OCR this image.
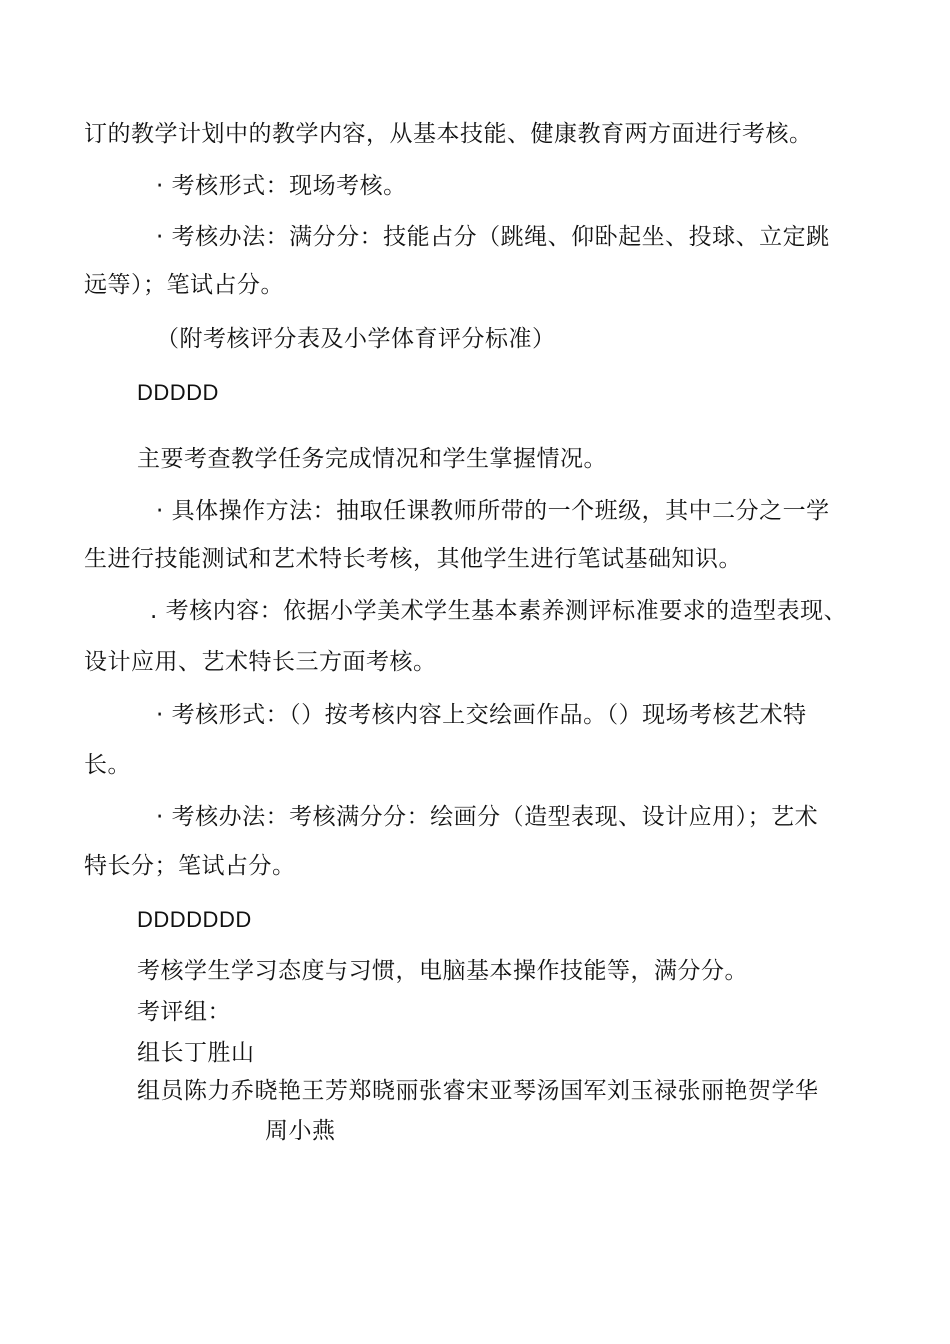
订的教学计划中的教学内容，从基本技能、健康教育两方面进行考核。
· 考核形式：现场考核。
· 考核办法：满分分：技能占分（跳绳、仰卧起坐、投球、立定跳
远等）；笔试占分。
（附考核评分表及小学体育评分标准）
DDDDD
主要考查教学任务完成情况和学生掌握情况。
· 具体操作方法：抽取任课教师所带的一个班级，其中二分之一学
生进行技能测试和艺术特长考核，其他学生进行笔试基础知识。
. 考核内容：依据小学美术学生基本素养测评标准要求的造型表现、
设计应用、艺术特长三方面考核。
· 考核形式：（）按考核内容上交绘画作品。（）现场考核艺术特
长。
· 考核办法：考核满分分：绘画分（造型表现、设计应用）；艺术
特长分；笔试占分。
DDDDDDD
考核学生学习态度与习惯，电脑基本操作技能等，满分分。
考评组：
组长丁胜山
组员陈力乔晓艳王芳郑晓丽张睿宋亚琴汤国军刘玉禄张丽艳贺学华
周小燕
